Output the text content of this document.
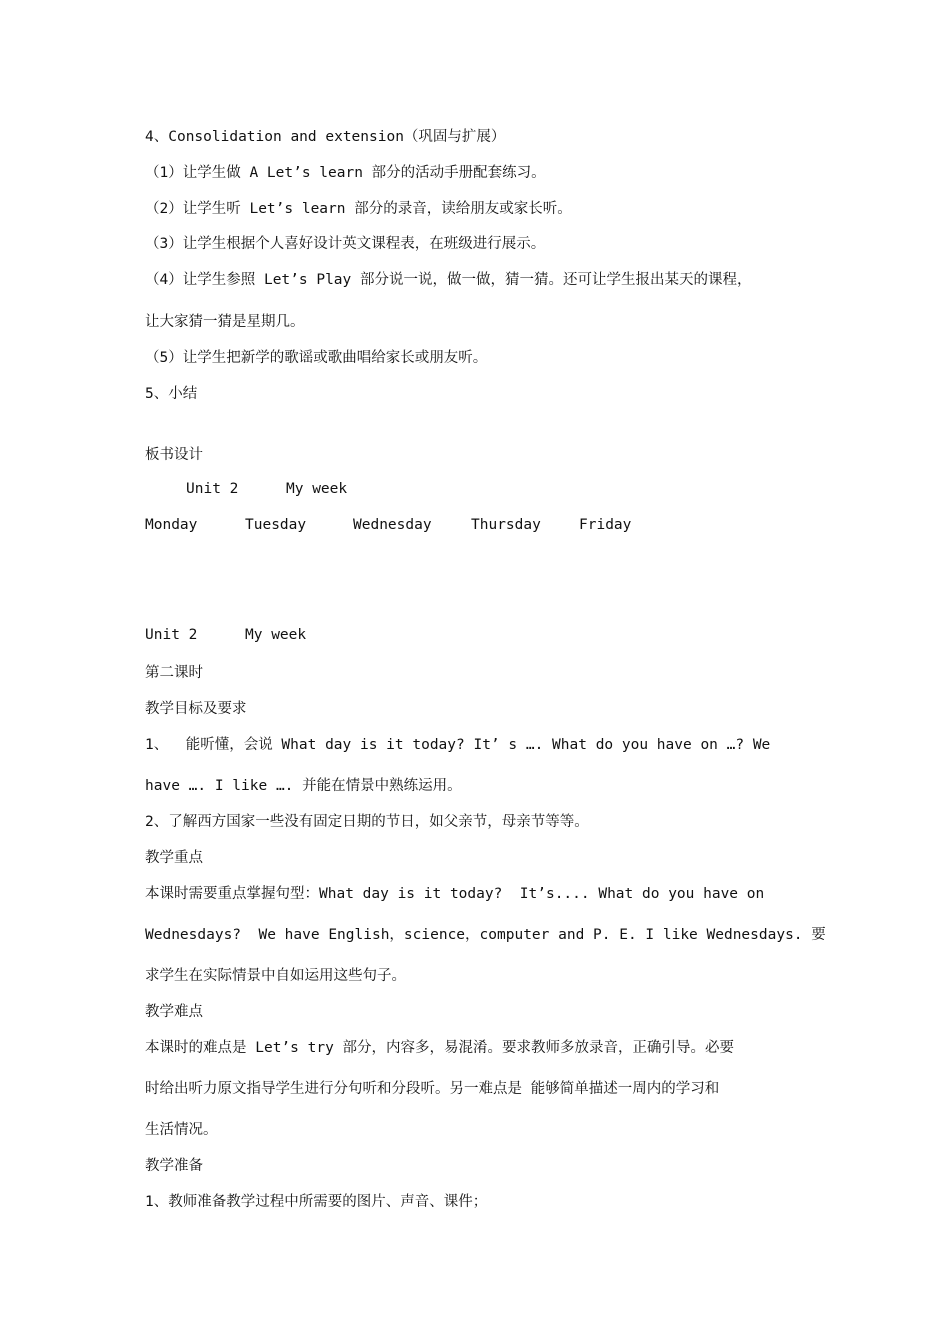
4、Consolidation and extension（巩固与扩展）
（1）让学生做 A Let’s learn 部分的活动手册配套练习。
（2）让学生听 Let’s learn 部分的录音，读给朋友或家长听。
（3）让学生根据个人喜好设计英文课程表，在班级进行展示。
（4）让学生参照 Let’s Play 部分说一说，做一做，猜一猜。还可让学生报出某天的课程，
让大家猜一猜是星期几。
（5）让学生把新学的歌谣或歌曲唱给家长或朋友听。
5、小结
板书设计
Unit 2	My week
Monday	Tuesday	Wednesday	Thursday	Friday
Unit 2	My week
第二课时
教学目标及要求
1、  能听懂，会说 What day is it today? It’ s …. What do you have on …? We
have …. I like …. 并能在情景中熟练运用。
2、了解西方国家一些没有固定日期的节日，如父亲节，母亲节等等。
教学重点
本课时需要重点掌握句型：What day is it today?  It’s.... What do you have on
Wednesdays?  We have English，science，computer and P. E. I like Wednesdays. 要
求学生在实际情景中自如运用这些句子。
教学难点
本课时的难点是 Let’s try 部分，内容多，易混淆。要求教师多放录音，正确引导。必要
时给出听力原文指导学生进行分句听和分段听。另一难点是 能够简单描述一周内的学习和
生活情况。
教学准备
1、教师准备教学过程中所需要的图片、声音、课件；
